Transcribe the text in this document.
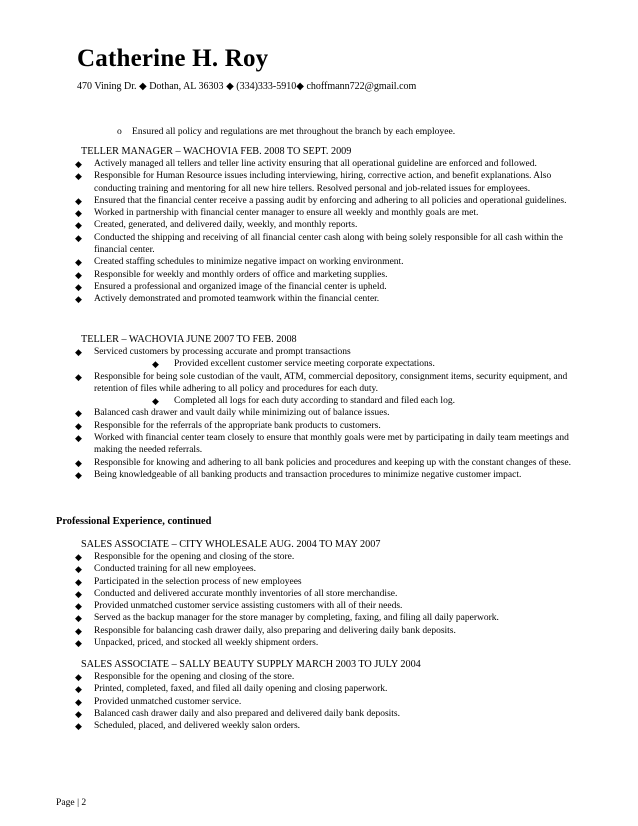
Catherine H. Roy
470 Vining Dr. ◆ Dothan, AL 36303 ◆ (334)333-5910◆ choffmann722@gmail.com
o Ensured all policy and regulations are met throughout the branch by each employee.
TELLER MANAGER – WACHOVIA FEB. 2008 TO SEPT. 2009
◆ Actively managed all tellers and teller line activity ensuring that all operational guideline are enforced and followed.
◆ Responsible for Human Resource issues including interviewing, hiring, corrective action, and benefit explanations. Also conducting training and mentoring for all new hire tellers. Resolved personal and job-related issues for employees.
◆ Ensured that the financial center receive a passing audit by enforcing and adhering to all policies and operational guidelines.
◆ Worked in partnership with financial center manager to ensure all weekly and monthly goals are met.
◆ Created, generated, and delivered daily, weekly, and monthly reports.
◆ Conducted the shipping and receiving of all financial center cash along with being solely responsible for all cash within the financial center.
◆ Created staffing schedules to minimize negative impact on working environment.
◆ Responsible for weekly and monthly orders of office and marketing supplies.
◆ Ensured a professional and organized image of the financial center is upheld.
◆ Actively demonstrated and promoted teamwork within the financial center.
TELLER – WACHOVIA JUNE 2007 TO FEB. 2008
◆ Serviced customers by processing accurate and prompt transactions
◆ Provided excellent customer service meeting corporate expectations.
◆ Responsible for being sole custodian of the vault, ATM, commercial depository, consignment items, security equipment, and retention of files while adhering to all policy and procedures for each duty.
◆ Completed all logs for each duty according to standard and filed each log.
◆ Balanced cash drawer and vault daily while minimizing out of balance issues.
◆ Responsible for the referrals of the appropriate bank products to customers.
◆ Worked with financial center team closely to ensure that monthly goals were met by participating in daily team meetings and making the needed referrals.
◆ Responsible for knowing and adhering to all bank policies and procedures and keeping up with the constant changes of these.
◆ Being knowledgeable of all banking products and transaction procedures to minimize negative customer impact.
Professional Experience, continued
SALES ASSOCIATE – CITY WHOLESALE AUG. 2004 TO MAY 2007
◆ Responsible for the opening and closing of the store.
◆ Conducted training for all new employees.
◆ Participated in the selection process of new employees
◆ Conducted and delivered accurate monthly inventories of all store merchandise.
◆ Provided unmatched customer service assisting customers with all of their needs.
◆ Served as the backup manager for the store manager by completing, faxing, and filing all daily paperwork.
◆ Responsible for balancing cash drawer daily, also preparing and delivering daily bank deposits.
◆ Unpacked, priced, and stocked all weekly shipment orders.
SALES ASSOCIATE – SALLY BEAUTY SUPPLY MARCH 2003 TO JULY 2004
◆ Responsible for the opening and closing of the store.
◆ Printed, completed, faxed, and filed all daily opening and closing paperwork.
◆ Provided unmatched customer service.
◆ Balanced cash drawer daily and also prepared and delivered daily bank deposits.
◆ Scheduled, placed, and delivered weekly salon orders.
Page | 2
